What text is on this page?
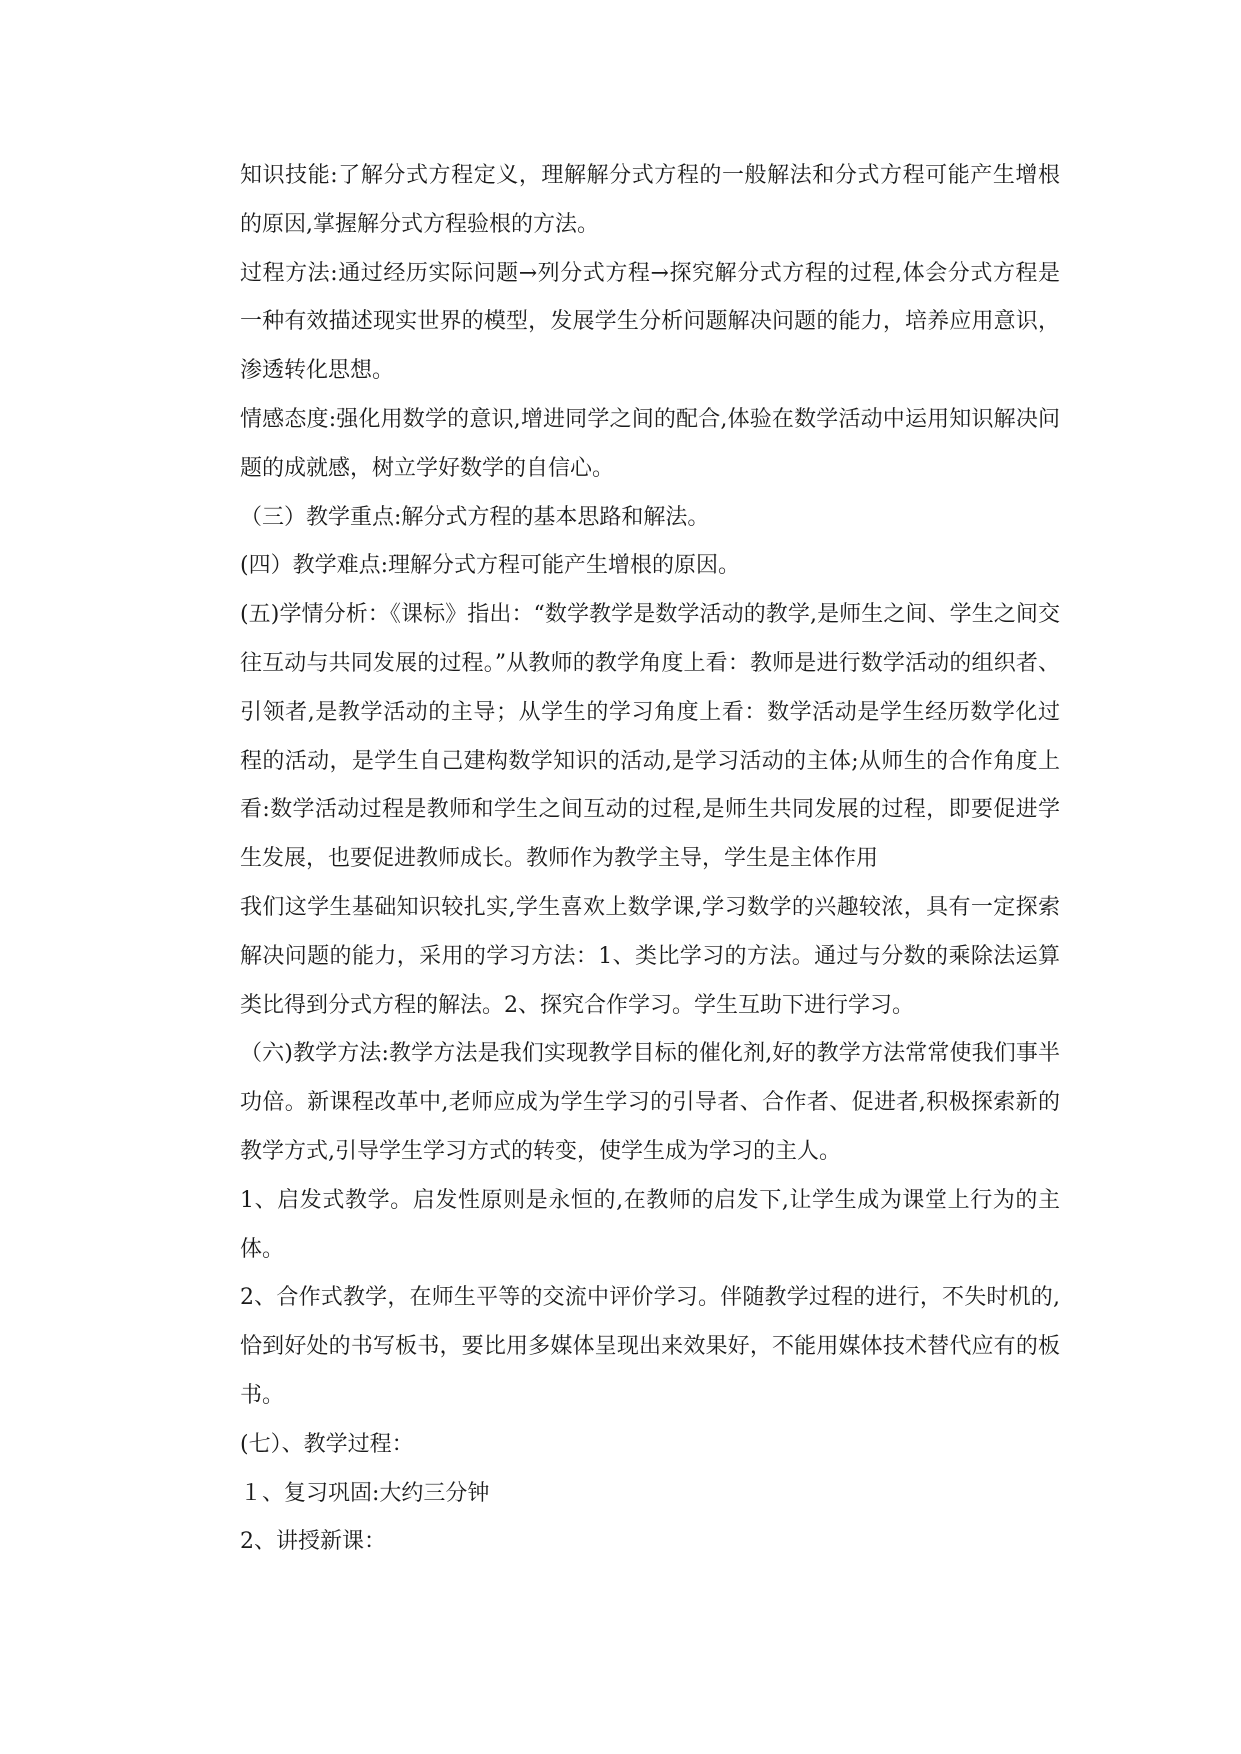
知识技能:了解分式方程定义，理解解分式方程的一般解法和分式方程可能产生增根的原因,掌握解分式方程验根的方法。

过程方法:通过经历实际问题→列分式方程→探究解分式方程的过程,体会分式方程是一种有效描述现实世界的模型，发展学生分析问题解决问题的能力，培养应用意识，渗透转化思想。

情感态度:强化用数学的意识,增进同学之间的配合,体验在数学活动中运用知识解决问题的成就感，树立学好数学的自信心。

（三）教学重点:解分式方程的基本思路和解法。

(四）教学难点:理解分式方程可能产生增根的原因。

(五)学情分析：《课标》指出：“数学教学是数学活动的教学,是师生之间、学生之间交往互动与共同发展的过程。”从教师的教学角度上看：教师是进行数学活动的组织者、引领者,是教学活动的主导；从学生的学习角度上看：数学活动是学生经历数学化过程的活动，是学生自己建构数学知识的活动,是学习活动的主体;从师生的合作角度上看:数学活动过程是教师和学生之间互动的过程,是师生共同发展的过程，即要促进学生发展，也要促进教师成长。教师作为教学主导，学生是主体作用

我们这学生基础知识较扎实,学生喜欢上数学课,学习数学的兴趣较浓，具有一定探索解决问题的能力，采用的学习方法：1、类比学习的方法。通过与分数的乘除法运算类比得到分式方程的解法。2、探究合作学习。学生互助下进行学习。

（六)教学方法:教学方法是我们实现教学目标的催化剂,好的教学方法常常使我们事半功倍。新课程改革中,老师应成为学生学习的引导者、合作者、促进者,积极探索新的教学方式,引导学生学习方式的转变，使学生成为学习的主人。

1、启发式教学。启发性原则是永恒的,在教师的启发下,让学生成为课堂上行为的主体。

2、合作式教学，在师生平等的交流中评价学习。伴随教学过程的进行，不失时机的,恰到好处的书写板书，要比用多媒体呈现出来效果好，不能用媒体技术替代应有的板书。

(七）、教学过程：

１、复习巩固:大约三分钟

2、讲授新课：
